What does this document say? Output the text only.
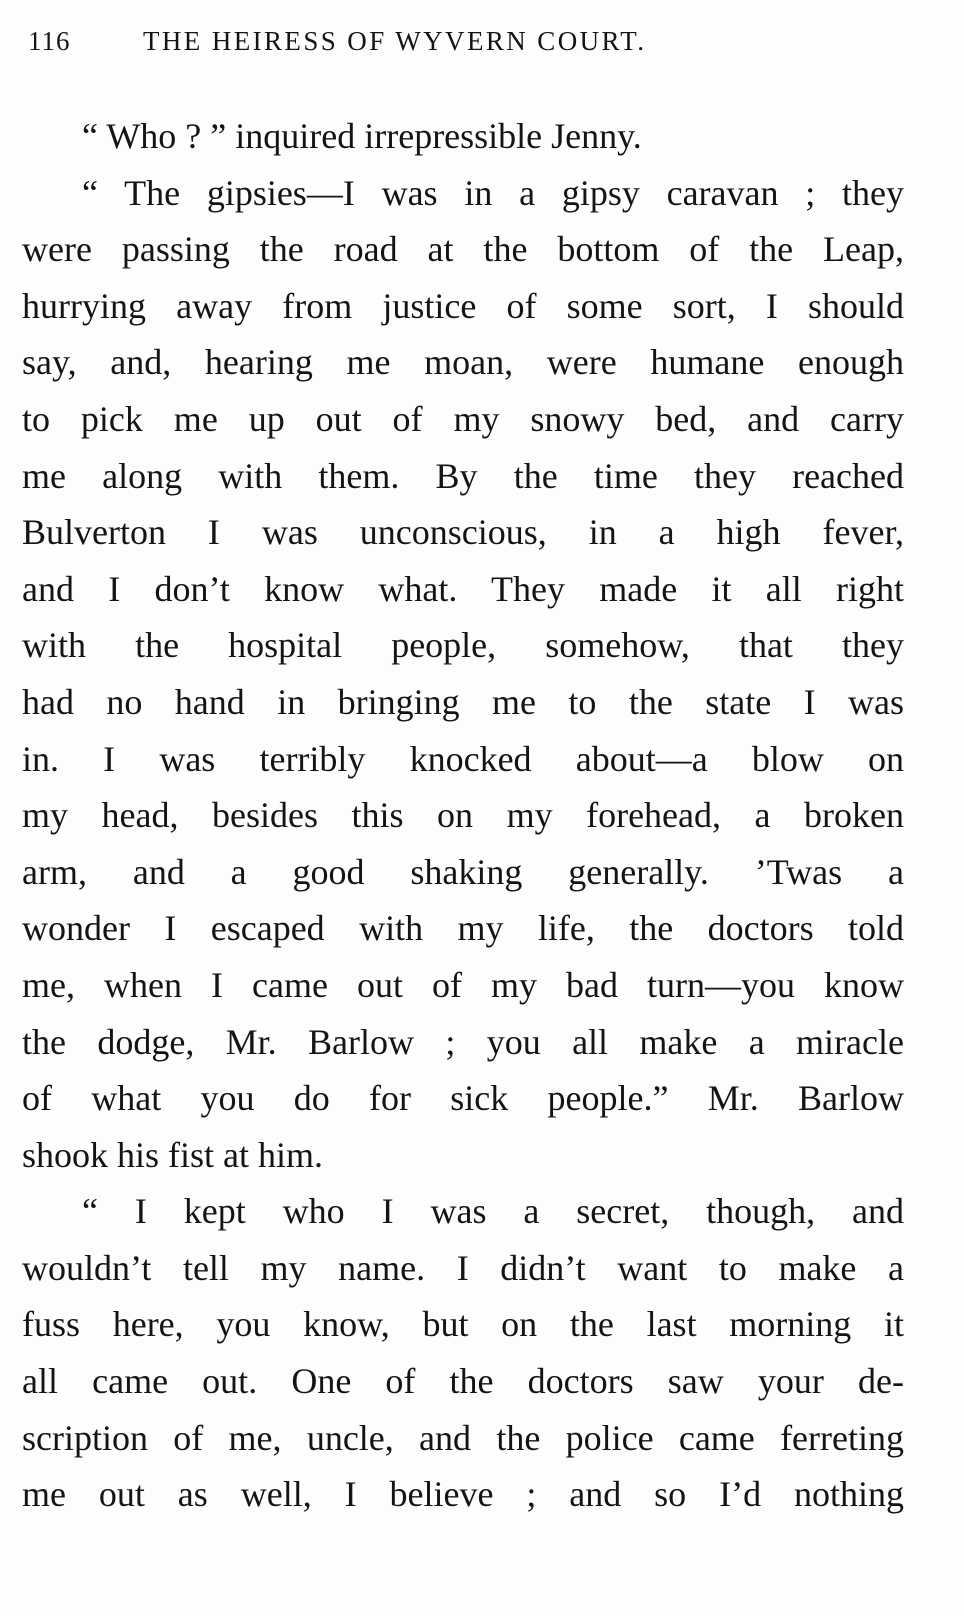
116	THE HEIRESS OF WYVERN COURT.
“ Who ? ” inquired irrepressible Jenny.
“ The gipsies—I was in a gipsy caravan ; they
were passing the road at the bottom of the Leap,
hurrying away from justice of some sort, I should
say, and, hearing me moan, were humane enough
to pick me up out of my snowy bed, and carry
me along with them. By the time they reached
Bulverton I was unconscious, in a high fever,
and I don’t know what. They made it all right
with the hospital people, somehow, that they
had no hand in bringing me to the state I was
in. I was terribly knocked about—a blow on
my head, besides this on my forehead, a broken
arm, and a good shaking generally. ’Twas a
wonder I escaped with my life, the doctors told
me, when I came out of my bad turn—you know
the dodge, Mr. Barlow ; you all make a miracle
of what you do for sick people.” Mr. Barlow
shook his fist at him.
“ I kept who I was a secret, though, and
wouldn’t tell my name. I didn’t want to make a
fuss here, you know, but on the last morning it
all came out. One of the doctors saw your de-
scription of me, uncle, and the police came ferreting
me out as well, I believe ; and so I’d nothing
